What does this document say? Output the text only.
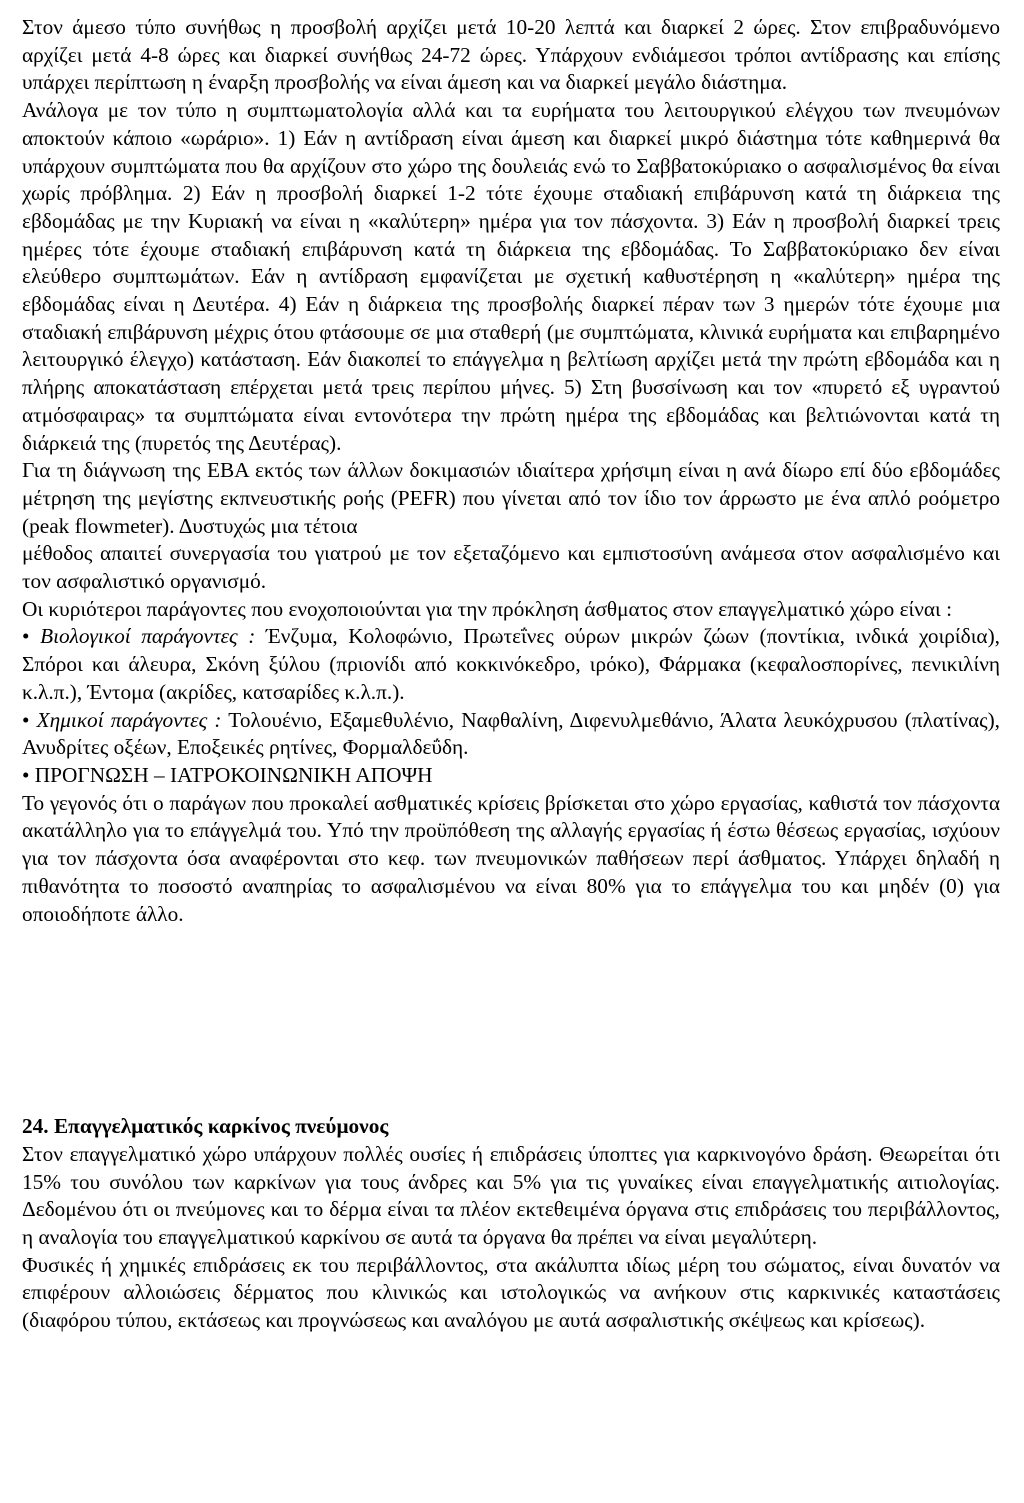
Στον άμεσο τύπο συνήθως η προσβολή αρχίζει μετά 10-20 λεπτά και διαρκεί 2 ώρες. Στον επιβραδυνόμενο αρχίζει μετά 4-8 ώρες και διαρκεί συνήθως 24-72 ώρες. Υπάρχουν ενδιάμεσοι τρόποι αντίδρασης και επίσης υπάρχει περίπτωση η έναρξη προσβολής να είναι άμεση και να διαρκεί μεγάλο διάστημα.

Ανάλογα με τον τύπο η συμπτωματολογία αλλά και τα ευρήματα του λειτουργικού ελέγχου των πνευμόνων αποκτούν κάποιο «ωράριο». 1) Εάν η αντίδραση είναι άμεση και διαρκεί μικρό διάστημα τότε καθημερινά θα υπάρχουν συμπτώματα που θα αρχίζουν στο χώρο της δουλειάς ενώ το Σαββατοκύριακο ο ασφαλισμένος θα είναι χωρίς πρόβλημα. 2) Εάν η προσβολή διαρκεί 1-2 τότε έχουμε σταδιακή επιβάρυνση κατά τη διάρκεια της εβδομάδας με την Κυριακή να είναι η «καλύτερη» ημέρα για τον πάσχοντα. 3) Εάν η προσβολή διαρκεί τρεις ημέρες τότε έχουμε σταδιακή επιβάρυνση κατά τη διάρκεια της εβδομάδας. Το Σαββατοκύριακο δεν είναι ελεύθερο συμπτωμάτων. Εάν η αντίδραση εμφανίζεται με σχετική καθυστέρηση η «καλύτερη» ημέρα της εβδομάδας είναι η Δευτέρα. 4) Εάν η διάρκεια της προσβολής διαρκεί πέραν των 3 ημερών τότε έχουμε μια σταδιακή επιβάρυνση μέχρις ότου φτάσουμε σε μια σταθερή (με συμπτώματα, κλινικά ευρήματα και επιβαρημένο λειτουργικό έλεγχο) κατάσταση. Εάν διακοπεί το επάγγελμα η βελτίωση αρχίζει μετά την πρώτη εβδομάδα και η πλήρης αποκατάσταση επέρχεται μετά τρεις περίπου μήνες. 5) Στη βυσσίνωση και τον «πυρετό εξ υγραντού ατμόσφαιρας» τα συμπτώματα είναι εντονότερα την πρώτη ημέρα της εβδομάδας και βελτιώνονται κατά τη διάρκειά της (πυρετός της Δευτέρας).

Για τη διάγνωση της ΕΒΑ εκτός των άλλων δοκιμασιών ιδιαίτερα χρήσιμη είναι η ανά δίωρο επί δύο εβδομάδες μέτρηση της μεγίστης εκπνευστικής ροής (PEFR) που γίνεται από τον ίδιο τον άρρωστο με ένα απλό ροόμετρο (peak flowmeter). Δυστυχώς μια τέτοια

μέθοδος απαιτεί συνεργασία του γιατρού με τον εξεταζόμενο και εμπιστοσύνη ανάμεσα στον ασφαλισμένο και τον ασφαλιστικό οργανισμό.

Οι κυριότεροι παράγοντες που ενοχοποιούνται για την πρόκληση άσθματος στον επαγγελματικό χώρο είναι :

• Βιολογικοί παράγοντες : Ένζυμα, Κολοφώνιο, Πρωτεΐνες ούρων μικρών ζώων (ποντίκια, ινδικά χοιρίδια), Σπόροι και άλευρα, Σκόνη ξύλου (πριονίδι από κοκκινόκεδρο, ιρόκο), Φάρμακα (κεφαλοσπορίνες, πενικιλίνη κ.λ.π.), Έντομα (ακρίδες, κατσαρίδες κ.λ.π.).

• Χημικοί παράγοντες : Τολουένιο, Εξαμεθυλένιο, Ναφθαλίνη, Διφενυλμεθάνιο, Άλατα λευκόχρυσου (πλατίνας), Ανυδρίτες οξέων, Εποξεικές ρητίνες, Φορμαλδεΰδη.

• ΠΡΟΓΝΩΣΗ – ΙΑΤΡΟΚΟΙΝΩΝΙΚΗ ΑΠΟΨΗ

Το γεγονός ότι ο παράγων που προκαλεί ασθματικές κρίσεις βρίσκεται στο χώρο εργασίας, καθιστά τον πάσχοντα ακατάλληλο για το επάγγελμά του. Υπό την προϋπόθεση της αλλαγής εργασίας ή έστω θέσεως εργασίας, ισχύουν για τον πάσχοντα όσα αναφέρονται στο κεφ. των πνευμονικών παθήσεων περί άσθματος. Υπάρχει δηλαδή η πιθανότητα το ποσοστό αναπηρίας το ασφαλισμένου να είναι 80% για το επάγγελμα του και μηδέν (0) για οποιοδήποτε άλλο.

24. Επαγγελματικός καρκίνος πνεύμονος

Στον επαγγελματικό χώρο υπάρχουν πολλές ουσίες ή επιδράσεις ύποπτες για καρκινογόνο δράση. Θεωρείται ότι 15% του συνόλου των καρκίνων για τους άνδρες και 5% για τις γυναίκες είναι επαγγελματικής αιτιολογίας. Δεδομένου ότι οι πνεύμονες και το δέρμα είναι τα πλέον εκτεθειμένα όργανα στις επιδράσεις του περιβάλλοντος, η αναλογία του επαγγελματικού καρκίνου σε αυτά τα όργανα θα πρέπει να είναι μεγαλύτερη.

Φυσικές ή χημικές επιδράσεις εκ του περιβάλλοντος, στα ακάλυπτα ιδίως μέρη του σώματος, είναι δυνατόν να επιφέρουν αλλοιώσεις δέρματος που κλινικώς και ιστολογικώς να ανήκουν στις καρκινικές καταστάσεις (διαφόρου τύπου, εκτάσεως και προγνώσεως και αναλόγου με αυτά ασφαλιστικής σκέψεως και κρίσεως).
